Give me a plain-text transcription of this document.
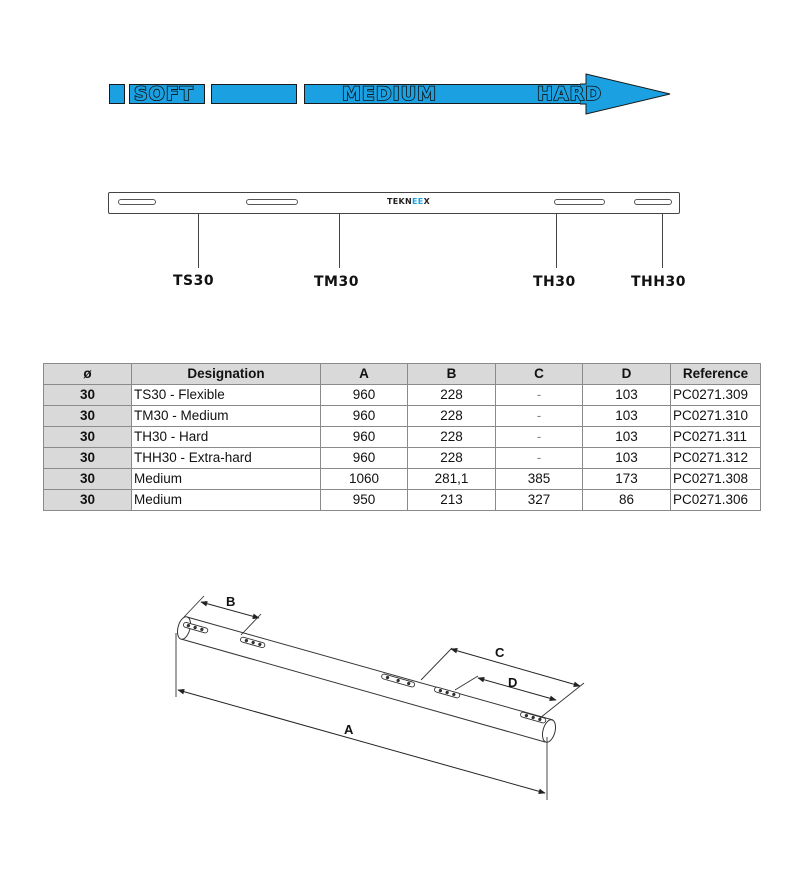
SOFT	MEDIUM	HARD
TEKNEEX
TS30	TM30	TH30	THH30
ø	Designation	A	B	C	D	Reference
30	TS30 - Flexible	960	228	-	103	PC0271.309
30	TM30 - Medium	960	228	-	103	PC0271.310
30	TH30 - Hard	960	228	-	103	PC0271.311
30	THH30 - Extra-hard	960	228	-	103	PC0271.312
30	Medium	1060	281,1	385	173	PC0271.308
30	Medium	950	213	327	86	PC0271.306
B
C
D
A
